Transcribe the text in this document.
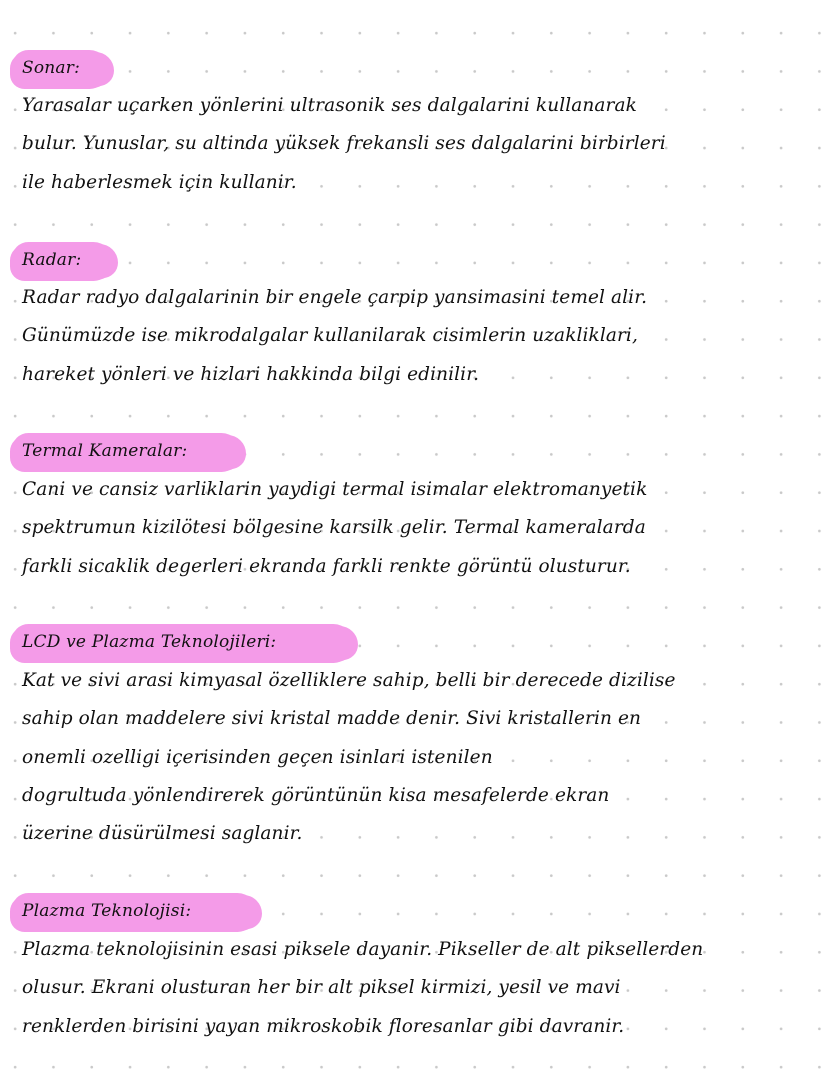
Sonar:
Yarasalar uçarken yönlerini ultrasonik ses dalgalarini kullanarak
bulur. Yunuslar, su altinda yüksek frekansli ses dalgalarini birbirleri
ile haberlesmek için kullanir.
Radar:
Radar radyo dalgalarinin bir engele çarpip yansimasini temel alir.
Günümüzde ise mikrodalgalar kullanilarak cisimlerin uzakliklari,
hareket yönleri ve hizlari hakkinda bilgi edinilir.
Termal Kameralar:
Cani ve cansiz varliklarin yaydigi termal isimalar elektromanyetik
spektrumun kizilötesi bölgesine karsilk gelir. Termal kameralarda
farkli sicaklik degerleri ekranda farkli renkte görüntü olusturur.
LCD ve Plazma Teknolojileri:
Kat ve sivi arasi kimyasal özelliklere sahip, belli bir derecede dizilise
sahip olan maddelere sivi kristal madde denir. Sivi kristallerin en
onemli ozelligi içerisinden geçen isinlari istenilen
dogrultuda yönlendirerek görüntünün kisa mesafelerde ekran
üzerine düsürülmesi saglanir.
Plazma Teknolojisi:
Plazma teknolojisinin esasi piksele dayanir. Pikseller de alt piksellerden
olusur. Ekrani olusturan her bir alt piksel kirmizi, yesil ve mavi
renklerden birisini yayan mikroskobik floresanlar gibi davranir.
